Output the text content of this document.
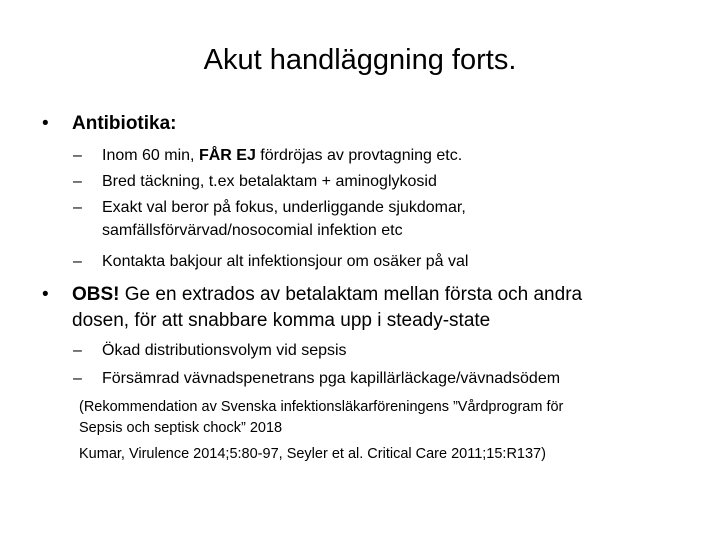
Akut handläggning forts.
• Antibiotika:
– Inom 60 min, FÅR EJ fördröjas av provtagning etc.
– Bred täckning, t.ex betalaktam + aminoglykosid
– Exakt val beror på fokus, underliggande sjukdomar,
samfällsförvärvad/nosocomial infektion etc
– Kontakta bakjour alt infektionsjour om osäker på val
• OBS! Ge en extrados av betalaktam mellan första och andra
dosen, för att snabbare komma upp i steady-state
– Ökad distributionsvolym vid sepsis
– Försämrad vävnadspenetrans pga kapillärläckage/vävnadsödem
(Rekommendation av Svenska infektionsläkarföreningens ”Vårdprogram för
Sepsis och septisk chock” 2018
Kumar, Virulence 2014;5:80-97, Seyler et al. Critical Care 2011;15:R137)
